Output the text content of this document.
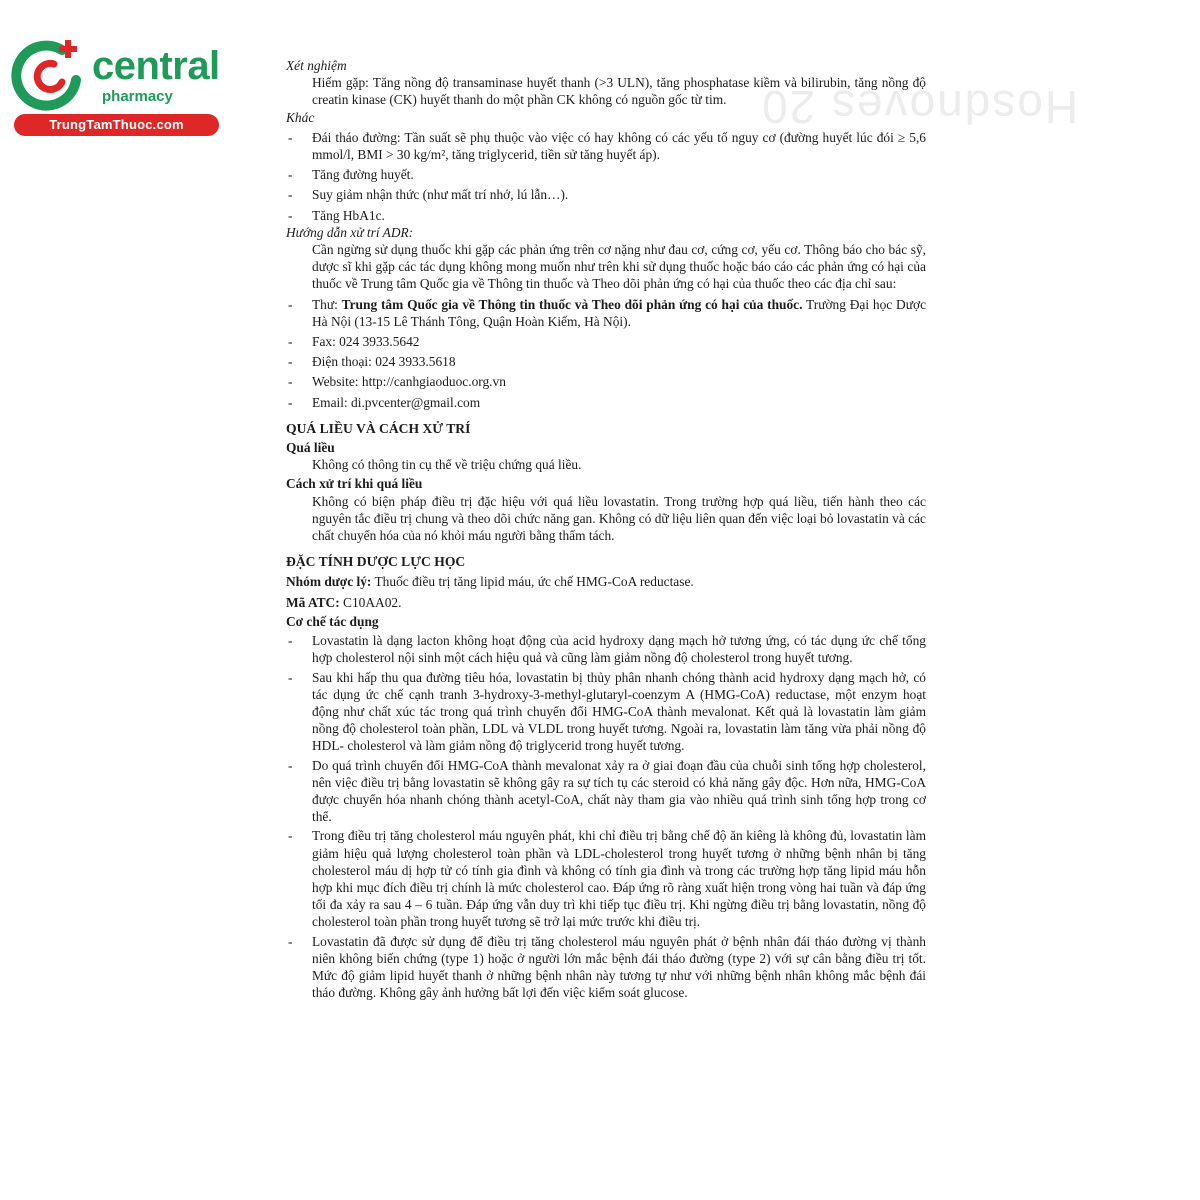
Hosdnoves 20
central
pharmacy
TrungTamThuoc.com

Xét nghiệm

Hiếm gặp: Tăng nồng độ transaminase huyết thanh (>3 ULN), tăng phosphatase kiềm và bilirubin, tăng nồng độ creatin kinase (CK) huyết thanh do một phần CK không có nguồn gốc từ tim.

Khác

- Đái tháo đường: Tần suất sẽ phụ thuộc vào việc có hay không có các yếu tố nguy cơ (đường huyết lúc đói ≥ 5,6 mmol/l, BMI > 30 kg/m², tăng triglycerid, tiền sử tăng huyết áp).

- Tăng đường huyết.

- Suy giảm nhận thức (như mất trí nhớ, lú lẫn…).

- Tăng HbA1c.

Hướng dẫn xử trí ADR:

Cần ngừng sử dụng thuốc khi gặp các phản ứng trên cơ nặng như đau cơ, cứng cơ, yếu cơ. Thông báo cho bác sỹ, dược sĩ khi gặp các tác dụng không mong muốn như trên khi sử dụng thuốc hoặc báo cáo các phản ứng có hại của thuốc về Trung tâm Quốc gia về Thông tin thuốc và Theo dõi phản ứng có hại của thuốc theo các địa chỉ sau:

- Thư: Trung tâm Quốc gia về Thông tin thuốc và Theo dõi phản ứng có hại của thuốc. Trường Đại học Dược Hà Nội (13-15 Lê Thánh Tông, Quận Hoàn Kiếm, Hà Nội).

- Fax: 024 3933.5642

- Điện thoại: 024 3933.5618

- Website: http://canhgiaoduoc.org.vn

- Email: di.pvcenter@gmail.com

QUÁ LIỀU VÀ CÁCH XỬ TRÍ

Quá liều

Không có thông tin cụ thể về triệu chứng quá liều.

Cách xử trí khi quá liều

Không có biện pháp điều trị đặc hiệu với quá liều lovastatin. Trong trường hợp quá liều, tiến hành theo các nguyên tắc điều trị chung và theo dõi chức năng gan. Không có dữ liệu liên quan đến việc loại bỏ lovastatin và các chất chuyển hóa của nó khỏi máu người bằng thẩm tách.

ĐẶC TÍNH DƯỢC LỰC HỌC

Nhóm dược lý: Thuốc điều trị tăng lipid máu, ức chế HMG-CoA reductase.

Mã ATC: C10AA02.

Cơ chế tác dụng

- Lovastatin là dạng lacton không hoạt động của acid hydroxy dạng mạch hở tương ứng, có tác dụng ức chế tổng hợp cholesterol nội sinh một cách hiệu quả và cũng làm giảm nồng độ cholesterol trong huyết tương.
- Sau khi hấp thu qua đường tiêu hóa, lovastatin bị thủy phân nhanh chóng thành acid hydroxy dạng mạch hở, có tác dụng ức chế cạnh tranh 3-hydroxy-3-methyl-glutaryl-coenzym A (HMG-CoA) reductase, một enzym hoạt động như chất xúc tác trong quá trình chuyển đổi HMG-CoA thành mevalonat. Kết quả là lovastatin làm giảm nồng độ cholesterol toàn phần, LDL và VLDL trong huyết tương. Ngoài ra, lovastatin làm tăng vừa phải nồng độ HDL- cholesterol và làm giảm nồng độ triglycerid trong huyết tương.
- Do quá trình chuyển đổi HMG-CoA thành mevalonat xảy ra ở giai đoạn đầu của chuỗi sinh tổng hợp cholesterol, nên việc điều trị bằng lovastatin sẽ không gây ra sự tích tụ các steroid có khả năng gây độc. Hơn nữa, HMG-CoA được chuyển hóa nhanh chóng thành acetyl-CoA, chất này tham gia vào nhiều quá trình sinh tổng hợp trong cơ thể.
- Trong điều trị tăng cholesterol máu nguyên phát, khi chỉ điều trị bằng chế độ ăn kiêng là không đủ, lovastatin làm giảm hiệu quả lượng cholesterol toàn phần và LDL-cholesterol trong huyết tương ở những bệnh nhân bị tăng cholesterol máu dị hợp tử có tính gia đình và không có tính gia đình và trong các trường hợp tăng lipid máu hỗn hợp khi mục đích điều trị chính là mức cholesterol cao. Đáp ứng rõ ràng xuất hiện trong vòng hai tuần và đáp ứng tối đa xảy ra sau 4 – 6 tuần. Đáp ứng vẫn duy trì khi tiếp tục điều trị. Khi ngừng điều trị bằng lovastatin, nồng độ cholesterol toàn phần trong huyết tương sẽ trở lại mức trước khi điều trị.
- Lovastatin đã được sử dụng để điều trị tăng cholesterol máu nguyên phát ở bệnh nhân đái tháo đường vị thành niên không biến chứng (type 1) hoặc ở người lớn mắc bệnh đái tháo đường (type 2) với sự cân bằng điều trị tốt. Mức độ giảm lipid huyết thanh ở những bệnh nhân này tương tự như với những bệnh nhân không mắc bệnh đái tháo đường. Không gây ảnh hưởng bất lợi đến việc kiểm soát glucose.
